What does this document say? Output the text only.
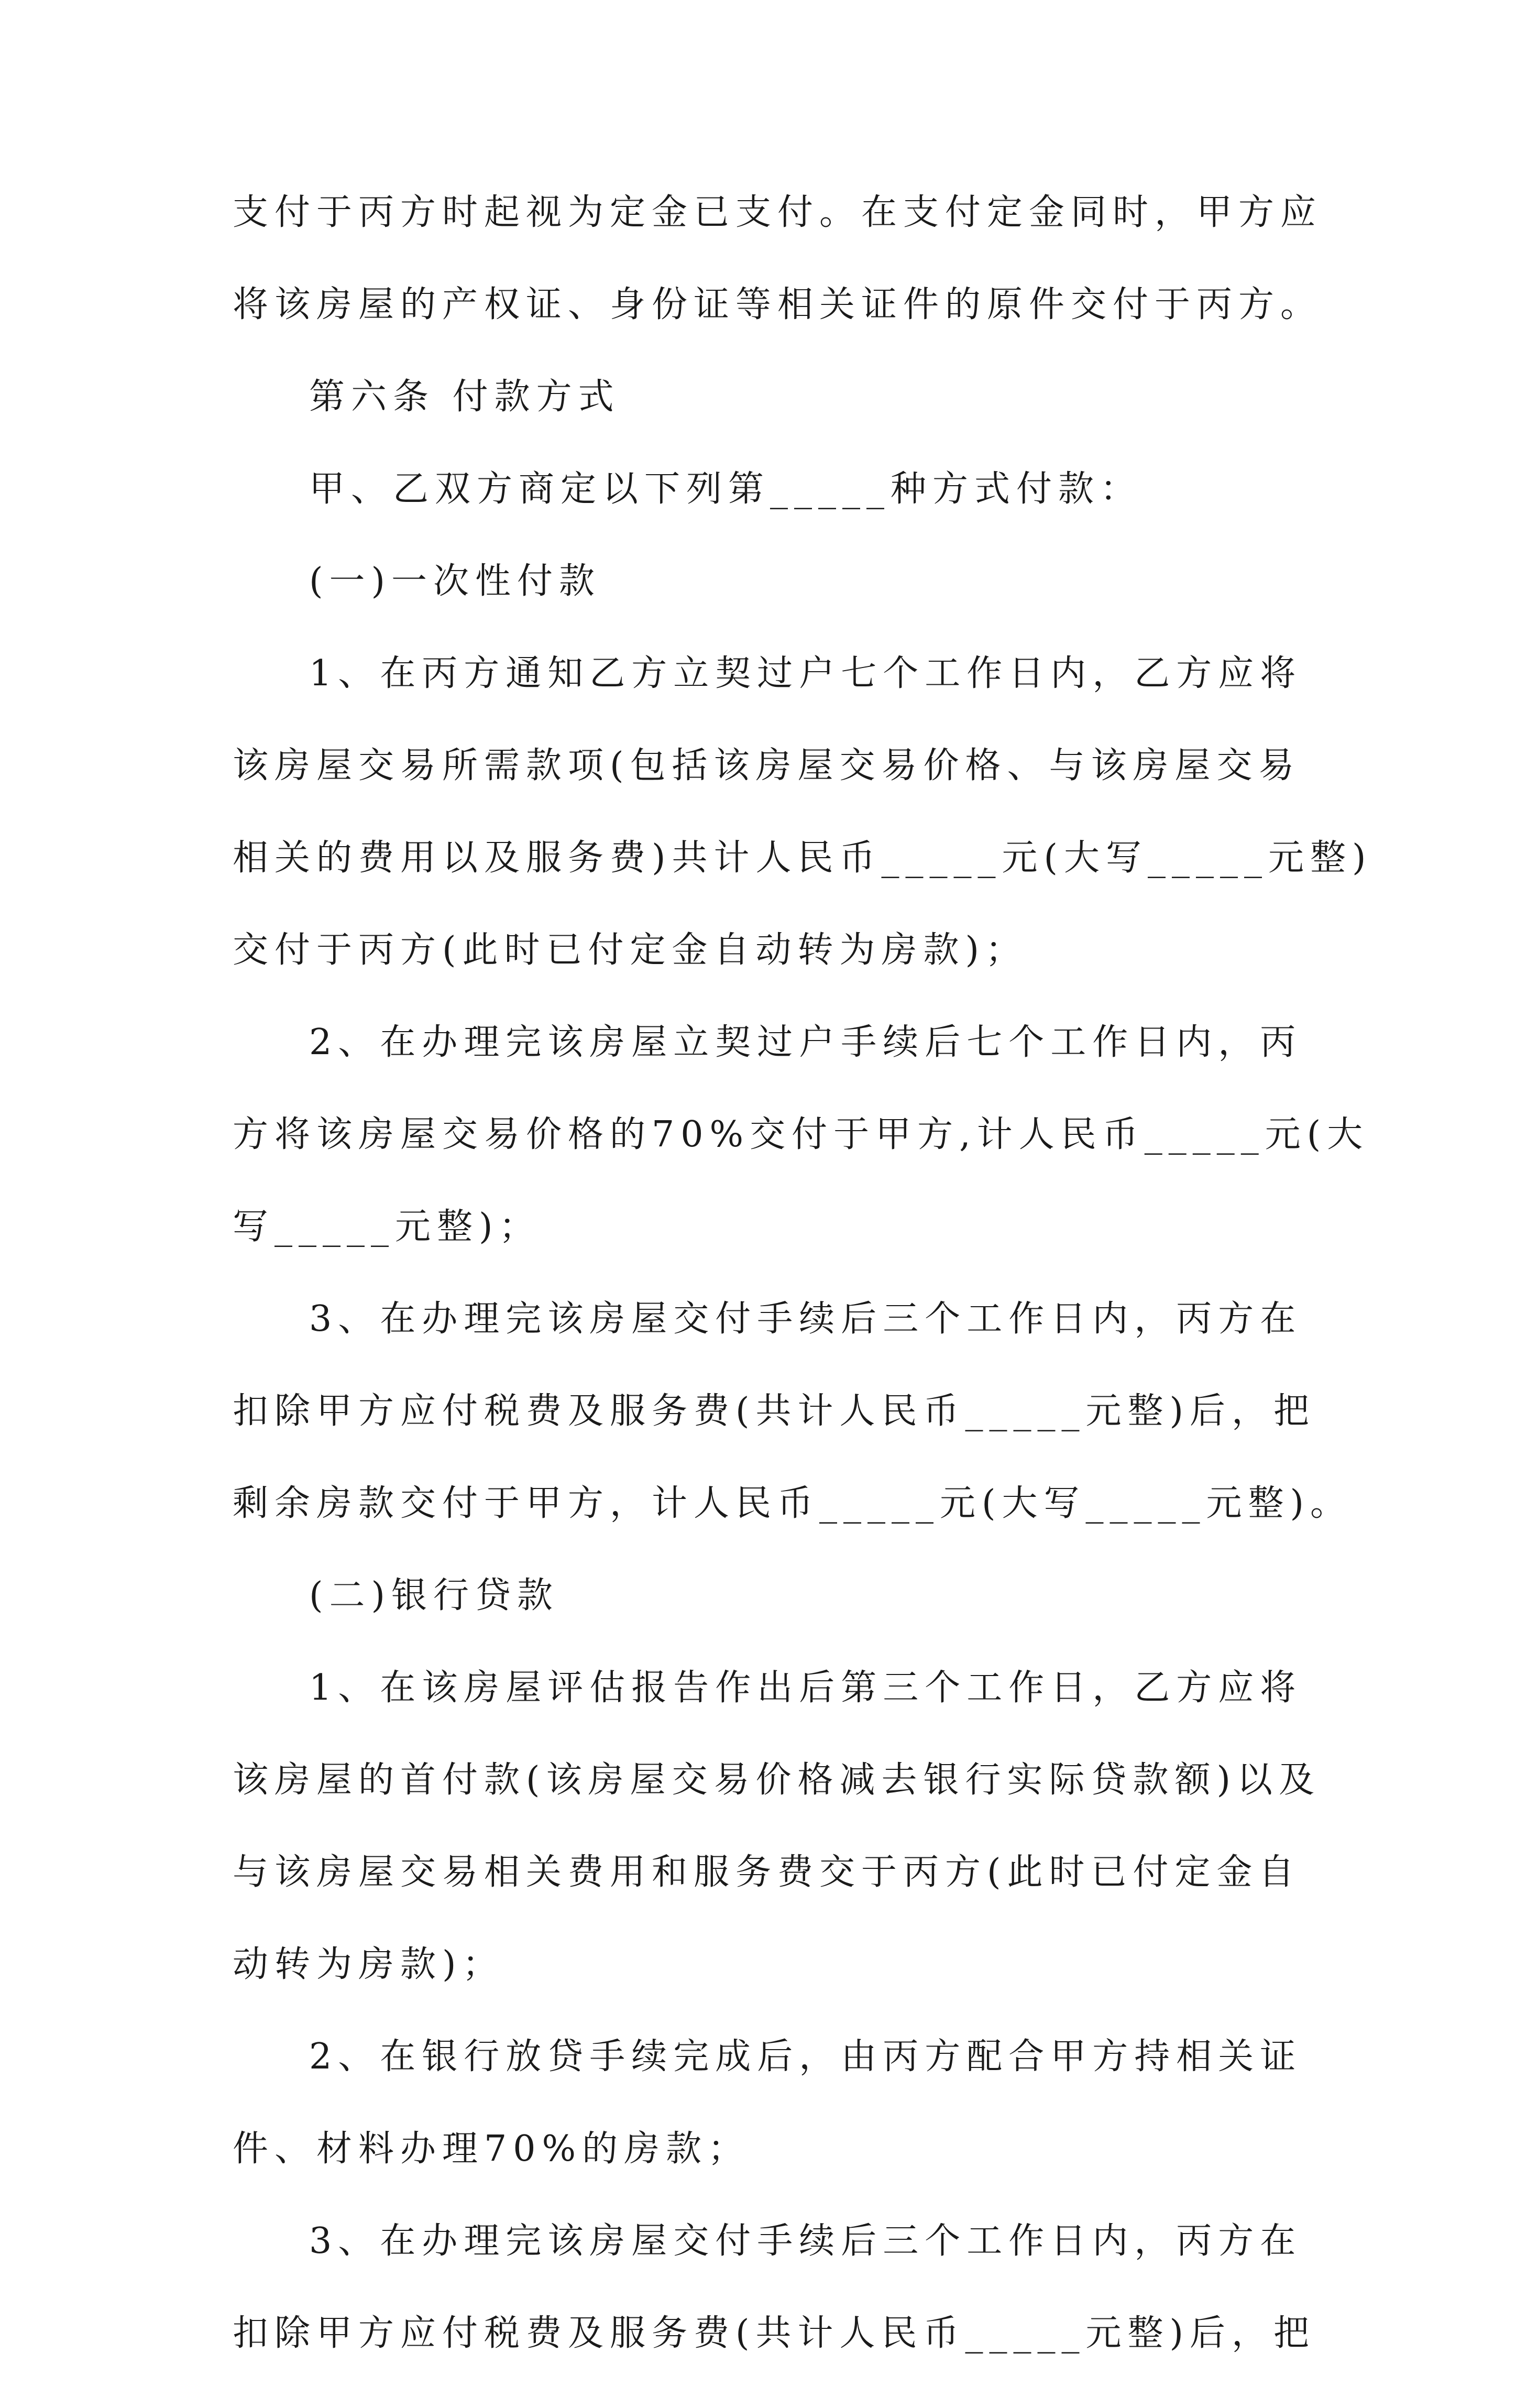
支付于丙方时起视为定金已支付。在支付定金同时，甲方应
将该房屋的产权证、身份证等相关证件的原件交付于丙方。
第六条 付款方式
甲、乙双方商定以下列第_____种方式付款：
(一)一次性付款
1、在丙方通知乙方立契过户七个工作日内，乙方应将
该房屋交易所需款项(包括该房屋交易价格、与该房屋交易
相关的费用以及服务费)共计人民币_____元(大写_____元整)
交付于丙方(此时已付定金自动转为房款)；
2、在办理完该房屋立契过户手续后七个工作日内，丙
方将该房屋交易价格的70%交付于甲方,计人民币_____元(大
写_____元整)；
3、在办理完该房屋交付手续后三个工作日内，丙方在
扣除甲方应付税费及服务费(共计人民币_____元整)后，把
剩余房款交付于甲方，计人民币_____元(大写_____元整)。
(二)银行贷款
1、在该房屋评估报告作出后第三个工作日，乙方应将
该房屋的首付款(该房屋交易价格减去银行实际贷款额)以及
与该房屋交易相关费用和服务费交于丙方(此时已付定金自
动转为房款)；
2、在银行放贷手续完成后，由丙方配合甲方持相关证
件、材料办理70%的房款；
3、在办理完该房屋交付手续后三个工作日内，丙方在
扣除甲方应付税费及服务费(共计人民币_____元整)后，把
